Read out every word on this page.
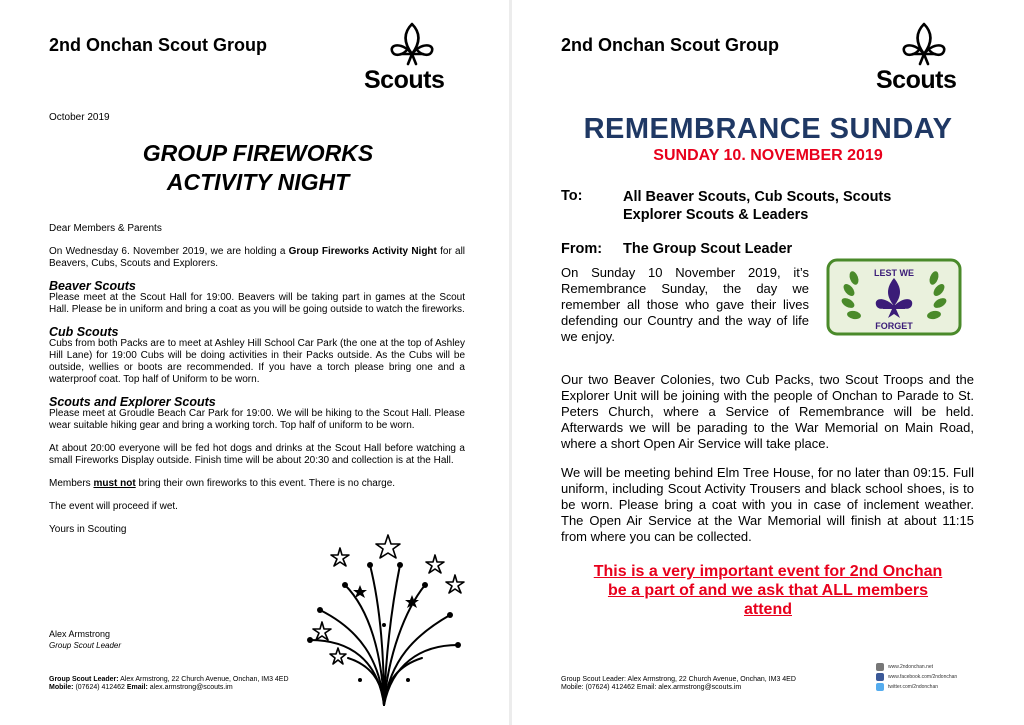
2nd Onchan Scout Group
Scouts
October 2019
GROUP FIREWORKS
ACTIVITY NIGHT
Dear Members & Parents
On Wednesday 6. November 2019, we are holding a Group Fireworks Activity Night for all Beavers, Cubs, Scouts and Explorers.
Beaver Scouts
Please meet at the Scout Hall for 19:00. Beavers will be taking part in games at the Scout Hall. Please be in uniform and bring a coat as you will be going outside to watch the fireworks.
Cub Scouts
Cubs from both Packs are to meet at Ashley Hill School Car Park (the one at the top of Ashley Hill Lane) for 19:00 Cubs will be doing activities in their Packs outside. As the Cubs will be outside, wellies or boots are recommended. If you have a torch please bring one and a waterproof coat. Top half of Uniform to be worn.
Scouts and Explorer Scouts
Please meet at Groudle Beach Car Park for 19:00. We will be hiking to the Scout Hall. Please wear suitable hiking gear and bring a working torch. Top half of uniform to be worn.
At about 20:00 everyone will be fed hot dogs and drinks at the Scout Hall before watching a small Fireworks Display outside. Finish time will be about 20:30 and collection is at the Hall.
Members must not bring their own fireworks to this event. There is no charge.
The event will proceed if wet.
Yours in Scouting
Alex Armstrong
Group Scout Leader
Group Scout Leader: Alex Armstrong, 22 Church Avenue, Onchan, IM3 4ED
Mobile: (07624) 412462 Email: alex.armstrong@scouts.im
2nd Onchan Scout Group
Scouts
REMEMBRANCE SUNDAY
SUNDAY 10. NOVEMBER 2019
To:	All Beaver Scouts, Cub Scouts, Scouts
Explorer Scouts & Leaders
From: The Group Scout Leader
LEST WE
FORGET
On Sunday 10 November 2019, it’s Remembrance Sunday, the day we remember all those who gave their lives defending our Country and the way of life we enjoy.
Our two Beaver Colonies, two Cub Packs, two Scout Troops and the Explorer Unit will be joining with the people of Onchan to Parade to St. Peters Church, where a Service of Remembrance will be held. Afterwards we will be parading to the War Memorial on Main Road, where a short Open Air Service will take place.
We will be meeting behind Elm Tree House, for no later than 09:15. Full uniform, including Scout Activity Trousers and black school shoes, is to be worn. Please bring a coat with you in case of inclement weather. The Open Air Service at the War Memorial will finish at about 11:15 from where you can be collected.
This is a very important event for 2nd Onchan
be a part of and we ask that ALL members
attend
Group Scout Leader: Alex Armstrong, 22 Church Avenue, Onchan, IM3 4ED
Mobile: (07624) 412462 Email: alex.armstrong@scouts.im
www.2ndonchan.net
www.facebook.com/2ndonchan
twitter.com/2ndonchan
